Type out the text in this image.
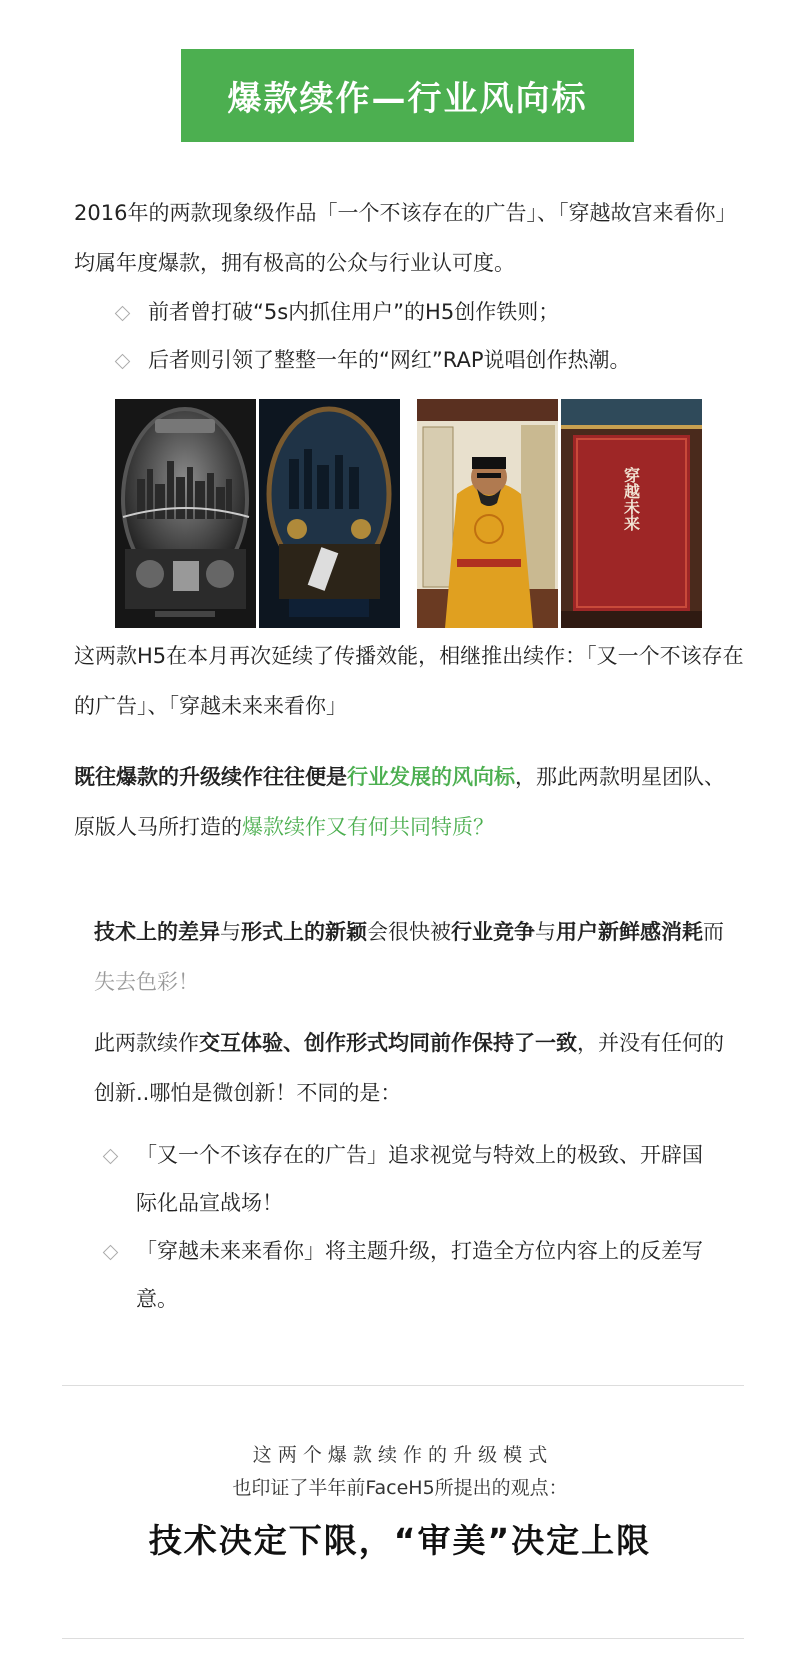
爆款续作—行业风向标

2016年的两款现象级作品「一个不该存在的广告」、「穿越故宫来看你」均属年度爆款，拥有极高的公众与行业认可度。

前者曾打破“5s内抓住用户”的H5创作铁则；
后者则引领了整整一年的“网红”RAP说唱创作热潮。
穿越未来

这两款H5在本月再次延续了传播效能，相继推出续作：「又一个不该存在的广告」、「穿越未来来看你」

既往爆款的升级续作往往便是行业发展的风向标，那此两款明星团队、原版人马所打造的爆款续作又有何共同特质？

技术上的差异与形式上的新颖会很快被行业竞争与用户新鲜感消耗而失去色彩！

此两款续作交互体验、创作形式均同前作保持了一致，并没有任何的创新..哪怕是微创新！不同的是：

「又一个不该存在的广告」追求视觉与特效上的极致、开辟国际化品宣战场！
「穿越未来来看你」将主题升级，打造全方位内容上的反差写意。
这 两 个 爆 款 续 作 的 升 级 模 式
也印证了半年前FaceH5所提出的观点：
技术决定下限，“审美”决定上限
